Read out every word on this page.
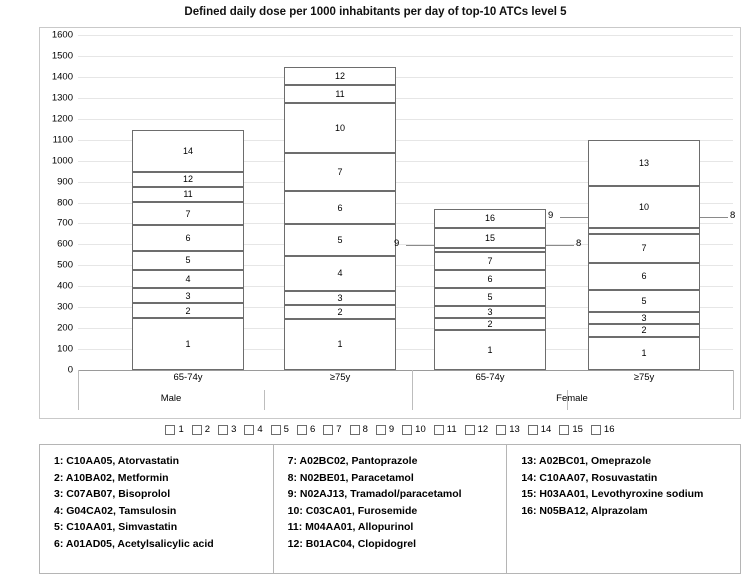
Defined daily dose per 1000 inhabitants per day of top-10 ATCs level 5
0
100
200
300
400
500
600
700
800
900
1000
1100
1200
1300
1400
1500
1600
1
2
3
4
5
6
7
11
12
14
1
2
3
4
5
6
7
10
11
12
1
2
3
5
6
7
15
16
1
2
3
5
6
7
10
13
9	8
9	8
65-74y	≥75y	65-74y	≥75y
Male	Female
1 2 3 4 5 6 7 8 9 10 11 12 13 14 15 16
1: C10AA05, Atorvastatin
2: A10BA02, Metformin
3: C07AB07, Bisoprolol
4: G04CA02, Tamsulosin
5: C10AA01, Simvastatin
6: A01AD05, Acetylsalicylic acid
7: A02BC02, Pantoprazole
8: N02BE01, Paracetamol
9: N02AJ13, Tramadol/paracetamol
10: C03CA01, Furosemide
11: M04AA01, Allopurinol
12: B01AC04, Clopidogrel
13: A02BC01, Omeprazole
14: C10AA07, Rosuvastatin
15: H03AA01, Levothyroxine sodium
16: N05BA12, Alprazolam
